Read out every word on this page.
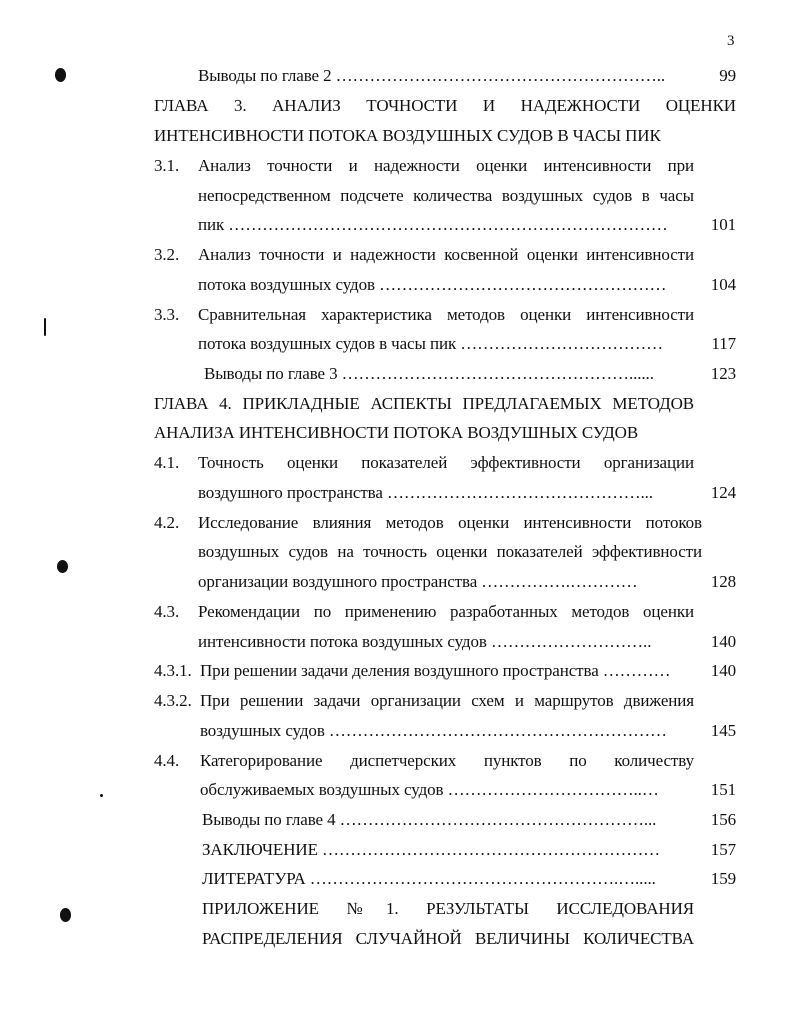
3
Выводы по главе 2 …………………………………………………..	99
ГЛАВА 3. АНАЛИЗ ТОЧНОСТИ И НАДЕЖНОСТИ ОЦЕНКИ
ИНТЕНСИВНОСТИ ПОТОКА ВОЗДУШНЫХ СУДОВ В ЧАСЫ ПИК
3.1. Анализ точности и надежности оценки интенсивности при
непосредственном подсчете количества воздушных судов в часы
пик ……………………………………………………………………	101
3.2. Анализ точности и надежности косвенной оценки интенсивности
потока воздушных судов ……………………………………………	104
3.3. Сравнительная характеристика методов оценки интенсивности
потока воздушных судов в часы пик ………………………………	117
Выводы по главе 3 ……………………………………………......	123
ГЛАВА 4. ПРИКЛАДНЫЕ АСПЕКТЫ ПРЕДЛАГАЕМЫХ МЕТОДОВ
АНАЛИЗА ИНТЕНСИВНОСТИ ПОТОКА ВОЗДУШНЫХ СУДОВ
4.1. Точность оценки показателей эффективности организации
воздушного пространства ………………………………………...	124
4.2. Исследование влияния методов оценки интенсивности потоков
воздушных судов на точность оценки показателей эффективности
организации воздушного пространства …………….…………	128
4.3. Рекомендации по применению разработанных методов оценки
интенсивности потока воздушных судов ………………………..	140
4.3.1. При решении задачи деления воздушного пространства ………… 140
4.3.2. При решении задачи организации схем и маршрутов движения
воздушных судов ……………………………………………………	145
4.4. Категорирование диспетчерских пунктов по количеству
обслуживаемых воздушных судов ……………………………..…	151
Выводы по главе 4 ………………………………………………...	156
ЗАКЛЮЧЕНИЕ ……………………………………………………	157
ЛИТЕРАТУРА ……………………………………………….….....	159
ПРИЛОЖЕНИЕ №1. РЕЗУЛЬТАТЫ ИССЛЕДОВАНИЯ
РАСПРЕДЕЛЕНИЯ СЛУЧАЙНОЙ ВЕЛИЧИНЫ КОЛИЧЕСТВА
